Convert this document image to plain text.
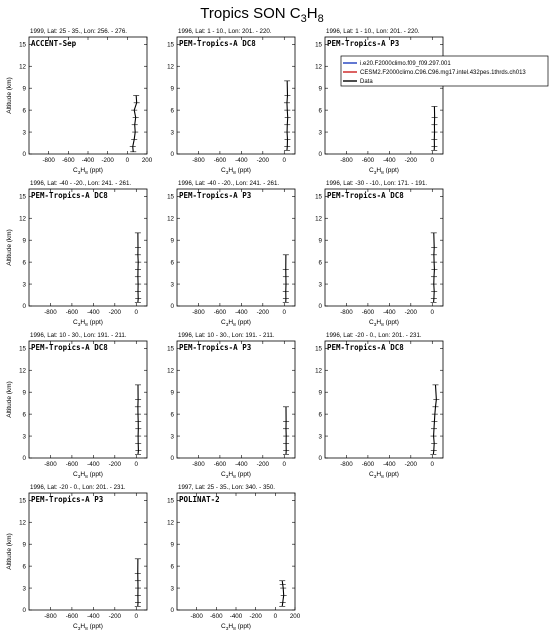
Tropics SON $C_3H_8$
1999, Lat: 25 - 35., Lon: 256. - 276.
ACCENT-Sep
0
3
6
9
12
15
-800 -600 -400 -200 0 200
$C_3H_8$ (ppt)
Altitude (km)
1996, Lat: 1 - 10., Lon: 201. - 220.
PEM-Tropics-A DC8
0
3
6
9
12
15
-800 -600 -400 -200 0
$C_3H_8$ (ppt)
1996, Lat: 1 - 10., Lon: 201. - 220.
PEM-Tropics-A P3
0
3
6
9
12
15
-800 -600 -400 -200 0
$C_3H_8$ (ppt)
1996, Lat: -40 - -20., Lon: 241. - 261.
PEM-Tropics-A DC8
0
3
6
9
12
15
-800 -600 -400 -200 0
$C_3H_8$ (ppt)
Altitude (km)
1996, Lat: -40 - -20., Lon: 241. - 261.
PEM-Tropics-A P3
0
3
6
9
12
15
-800 -600 -400 -200 0
$C_3H_8$ (ppt)
1996, Lat: -30 - -10., Lon: 171. - 191.
PEM-Tropics-A DC8
0
3
6
9
12
15
-800 -600 -400 -200 0
$C_3H_8$ (ppt)
1996, Lat: 10 - 30., Lon: 191. - 211.
PEM-Tropics-A DC8
0
3
6
9
12
15
-800 -600 -400 -200 0
$C_3H_8$ (ppt)
Altitude (km)
1996, Lat: 10 - 30., Lon: 191. - 211.
PEM-Tropics-A P3
0
3
6
9
12
15
-800 -600 -400 -200 0
$C_3H_8$ (ppt)
1996, Lat: -20 - 0., Lon: 201. - 231.
PEM-Tropics-A DC8
0
3
6
9
12
15
-800 -600 -400 -200 0
$C_3H_8$ (ppt)
1996, Lat: -20 - 0., Lon: 201. - 231.
PEM-Tropics-A P3
0
3
6
9
12
15
-800 -600 -400 -200 0
$C_3H_8$ (ppt)
Altitude (km)
1997, Lat: 25 - 35., Lon: 340. - 350.
POLINAT-2
0
3
6
9
12
15
-800 -600 -400 -200 0 200
$C_3H_8$ (ppt)
i.e20.F2000climo.f09_f09.297.001
CESM2.F2000climo.C96.C96.mg17.intel.432pes.1thrds.ch013
Data
